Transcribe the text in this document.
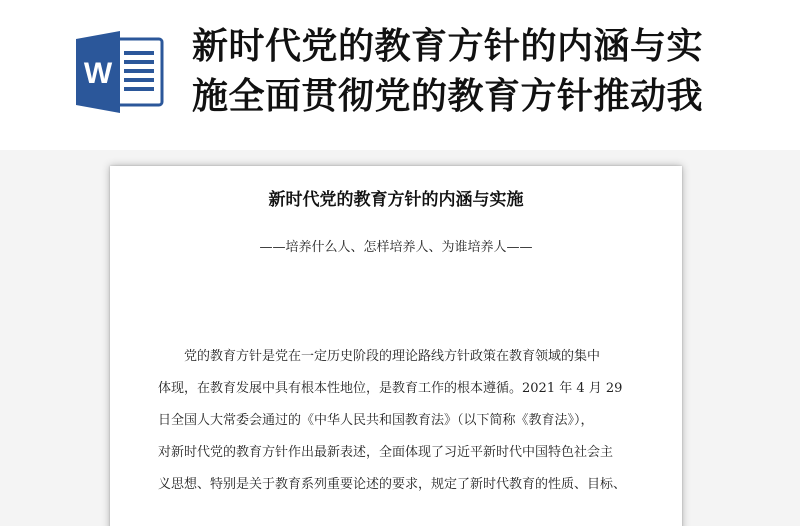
W
新时代党的教育方针的内涵与实
施全面贯彻党的教育方针推动我
新时代党的教育方针的内涵与实施

——培养什么人、怎样培养人、为谁培养人——

党的教育方针是党在一定历史阶段的理论路线方针政策在教育领域的集中
体现，在教育发展中具有根本性地位，是教育工作的根本遵循。2021 年 4 月 29
日全国人大常委会通过的《中华人民共和国教育法》（以下简称《教育法》），
对新时代党的教育方针作出最新表述，全面体现了习近平新时代中国特色社会主
义思想、特别是关于教育系列重要论述的要求，规定了新时代教育的性质、目标、
